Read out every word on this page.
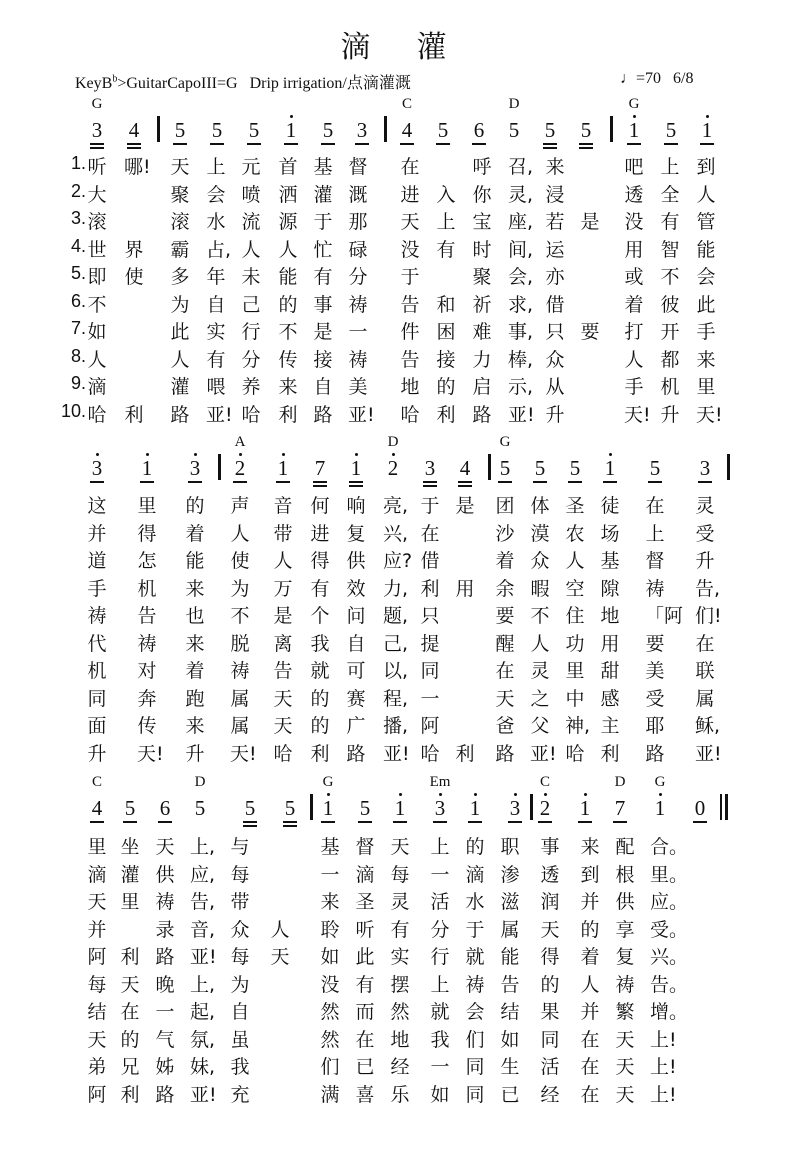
滴 灌
KeyB$^b$>GuitarCapoIII=G Drip irrigation/点滴灌溉	♩=70 6/8
3
G
4 5 5 5 1 5 3 4
C
5 6 5
D
5 5 1
G
5 1
1. 听 哪! 天 上 元 首 基 督 在	呼 召, 来	吧 上 到
2. 大	聚 会 喷 洒 灌 溉 进 入 你 灵, 浸	透 全 人
3. 滚	滚 水 流 源 于 那 天 上 宝 座, 若 是 没 有 管
4. 世 界 霸 占, 人 人 忙 碌 没 有 时 间, 运	用 智 能
5. 即 使 多 年 未 能 有 分 于	聚 会, 亦	或 不 会
6. 不	为 自 己 的 事 祷 告 和 祈 求, 借	着 彼 此
7. 如	此 实 行 不 是 一 件 困 难 事, 只 要 打 开 手
8. 人	人 有 分 传 接 祷 告 接 力 棒, 众	人 都 来
9. 滴	灌 喂 养 来 自 美 地 的 启 示, 从	手 机 里
10. 哈 利 路 亚! 哈 利 路 亚! 哈 利 路 亚! 升	天! 升 天!
3 1 3 2
A
1 7 1 2
D
3 4 5
G
5 5 1 5 3
这 里 的 声 音 何 响 亮, 于 是 团 体 圣 徒 在 灵
并 得 着 人 带 进 复 兴, 在	沙 漠 农 场 上 受
道 怎 能 使 人 得 供 应? 借	着 众 人 基 督 升
手 机 来 为 万 有 效 力, 利 用 余 暇 空 隙 祷 告,
祷 告 也 不 是 个 问 题, 只	要 不 住 地 「阿 们!
代 祷 来 脱 离 我 自 己, 提	醒 人 功 用 要 在
机 对 着 祷 告 就 可 以, 同	在 灵 里 甜 美 联
同 奔 跑 属 天 的 赛 程, 一	天 之 中 感 受 属
面 传 来 属 天 的 广 播, 阿	爸 父 神, 主 耶 稣,
升 天! 升 天! 哈 利 路 亚! 哈 利 路 亚! 哈 利 路 亚!
4
C
5 6 5
D
5 5 1
G
5 1 3
Em
1 3 2
C
1 7
D
1
G
0
里 坐 天 上, 与	基 督 天 上 的 职 事 来 配 合。
滴 灌 供 应, 每	一 滴 每 一 滴 渗 透 到 根 里。
天 里 祷 告, 带	来 圣 灵 活 水 滋 润 并 供 应。
并	录 音, 众 人 聆 听 有 分 于 属 天 的 享 受。
阿 利 路 亚! 每 天 如 此 实 行 就 能 得 着 复 兴。
每 天 晚 上, 为	没 有 摆 上 祷 告 的 人 祷 告。
结 在 一 起, 自	然 而 然 就 会 结 果 并 繁 增。
天 的 气 氛, 虽	然 在 地 我 们 如 同 在 天 上!
弟 兄 姊 妹, 我	们 已 经 一 同 生 活 在 天 上!
阿 利 路 亚! 充	满 喜 乐 如 同 已 经 在 天 上!
